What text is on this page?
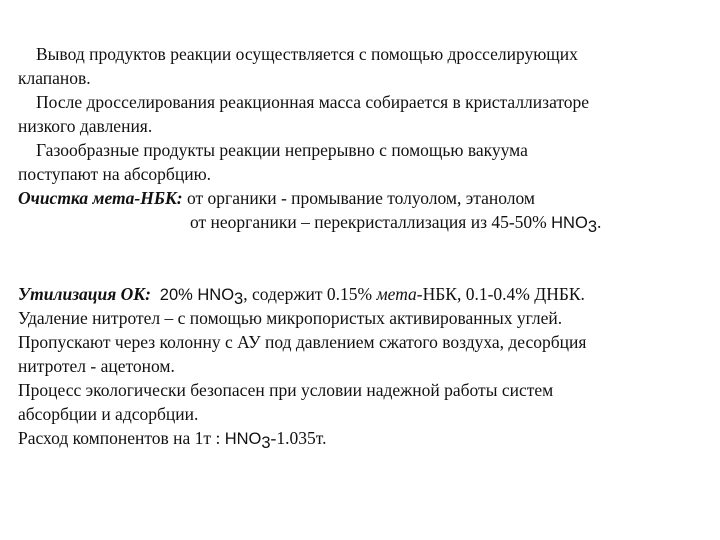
Вывод продуктов реакции осуществляется с помощью дросселирующих
клапанов.
После дросселирования реакционная масса собирается в кристаллизаторе
низкого давления.
Газообразные продукты реакции непрерывно с помощью вакуума
поступают на абсорбцию.
Очистка мета-НБК: от органики - промывание толуолом, этанолом
от неорганики – перекристаллизация из 45-50% $HNO_3$.
Утилизация ОК: 20% $HNO_3$, содержит 0.15% мета-НБК, 0.1-0.4% ДНБК.
Удаление нитротел – с помощью микропористых активированных углей.
Пропускают через колонну с АУ под давлением сжатого воздуха, десорбция
нитротел - ацетоном.
Процесс экологически безопасен при условии надежной работы систем
абсорбции и адсорбции.
Расход компонентов на 1т : $HNO_3-1.035т$.
